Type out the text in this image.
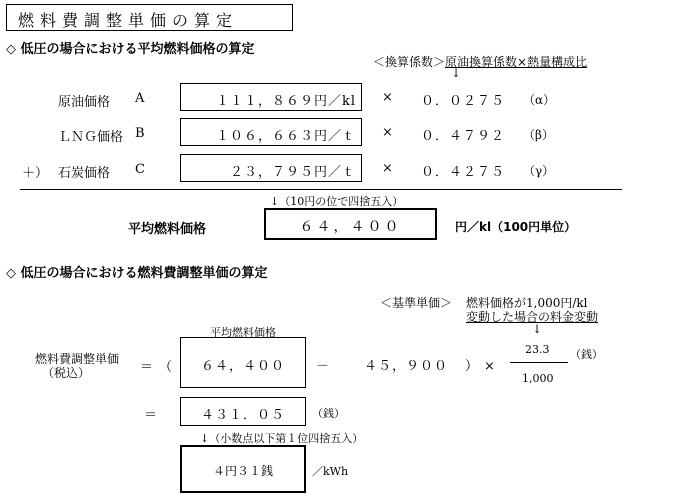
燃料費調整単価の算定
◇ 低圧の場合における平均燃料価格の算定
＜換算係数＞原油換算係数×熱量構成比
↓
原油価格 A	１１１，８６９円／kl × ０．０２７５ （α）
ＬＮＧ価格 B	１０６，６６３円／ｔ × ０．４７９２ （β）
＋） 石炭価格 C	２３，７９５円／ｔ × ０．４２７５ （γ）
↓（10円の位で四捨五入）
平均燃料価格	６４，４００	円／kl（100円単位）
◇ 低圧の場合における燃料費調整単価の算定
＜基準単価＞ 燃料価格が1,000円/kl
変動した場合の料金変動
↓
平均燃料価格
燃料費調整単価
（税込）	＝（	６４，４００	－	４５，９００ ）×
23.3
1,000
（銭）
＝	４３１．０５	（銭）
↓（小数点以下第１位四捨五入）
４円３１銭	／kWh
